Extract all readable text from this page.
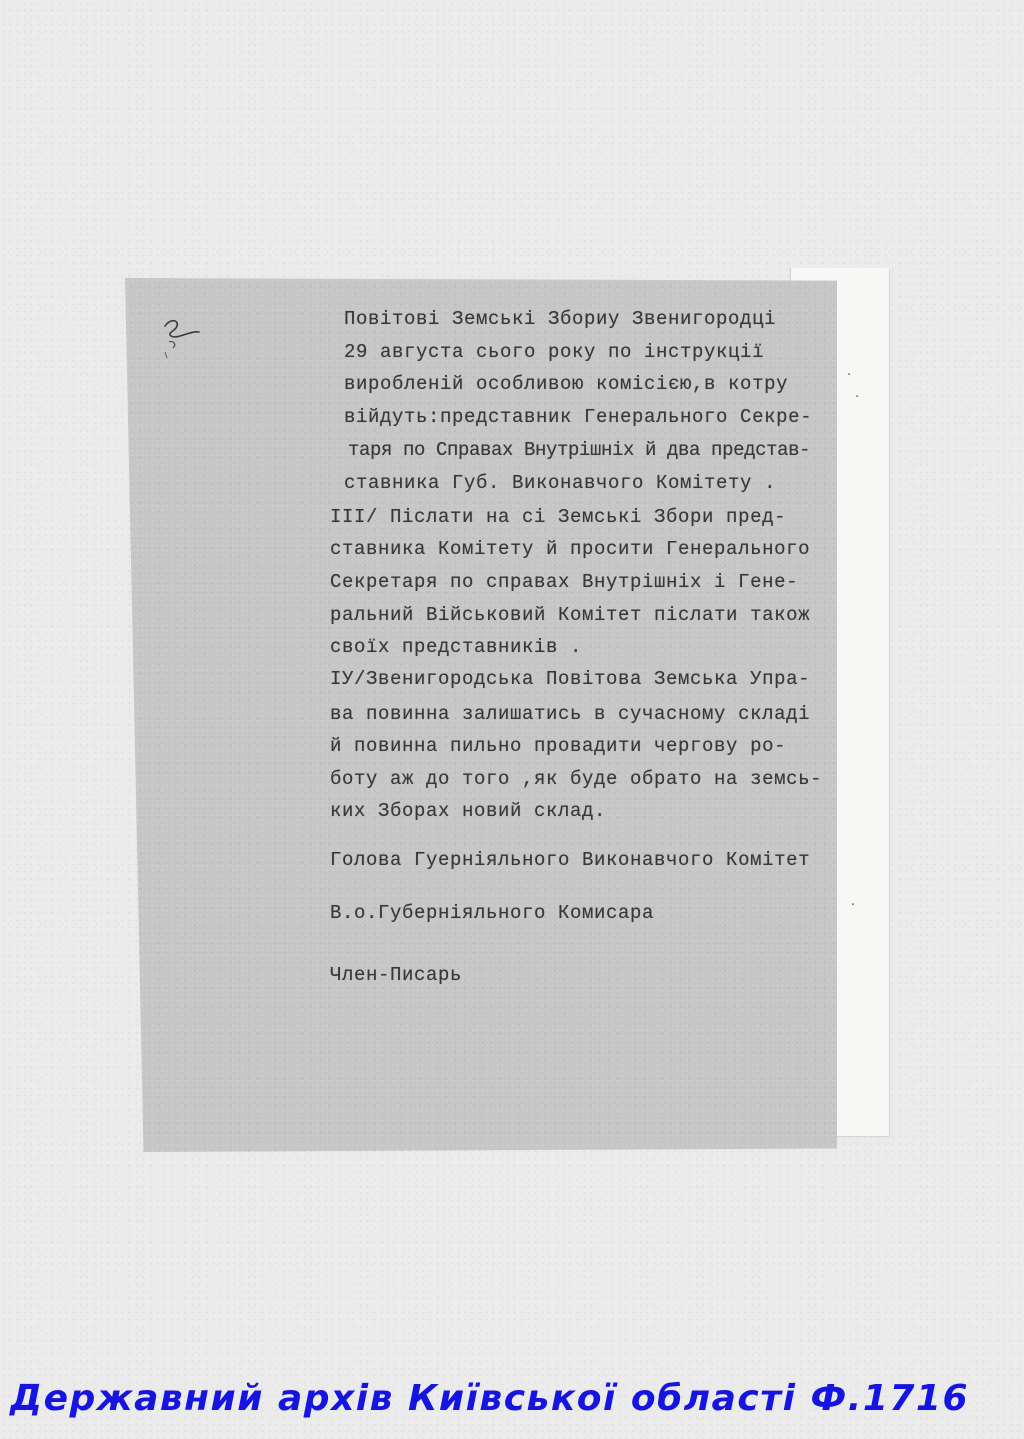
·
·
·
Повітові Земські Збориу Звенигородці
29 августа сього року по інструкції
виробленій особливою комісією,в котру
війдуть:представник Генерального Секре-
таря по Справах Внутрішніх й два представ-
ставника Губ. Виконавчого Комітету .
ІІІ/ Післати на сі Земські Збори пред-
ставника Комітету й просити Генерального
Секретаря по справах Внутрішніх і Гене-
ральний Військовий Комітет післати також
своїх представників .
ІУ/Звенигородська Повітова Земська Упра-
ва повинна залишатись в сучасному складі
й повинна пильно провадити чергову ро-
боту аж до того ,як буде обрато на земсь-
ких Зборах новий склад.
Голова Гуерніяльного Виконавчого Комітет
В.о.Губерніяльного Комисара
Член-Писарь
Державний архів Київської області Ф.1716
